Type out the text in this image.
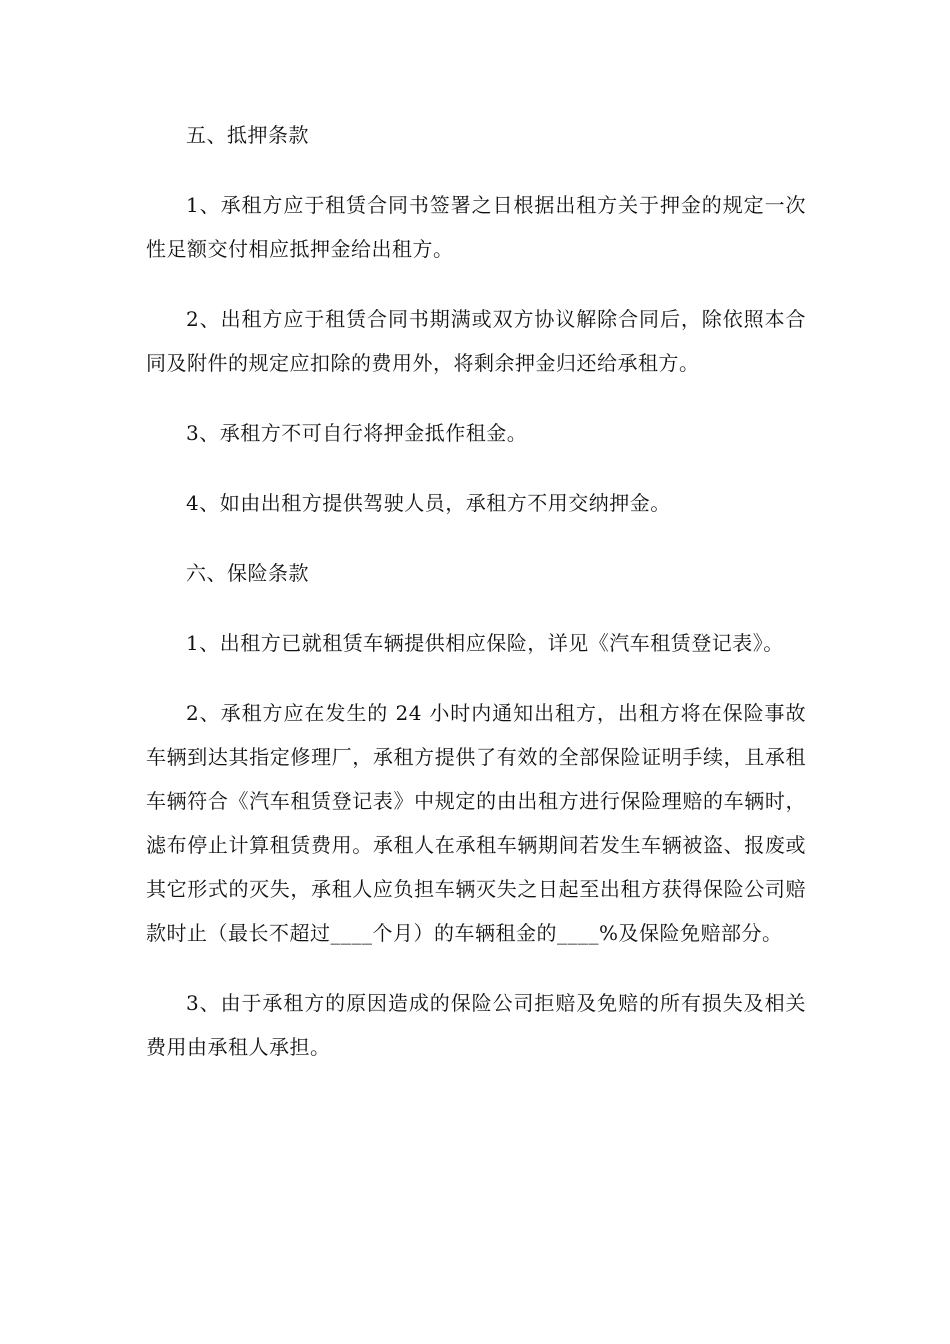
五、抵押条款

1、承租方应于租赁合同书签署之日根据出租方关于押金的规定一次性足额交付相应抵押金给出租方。

2、出租方应于租赁合同书期满或双方协议解除合同后，除依照本合同及附件的规定应扣除的费用外，将剩余押金归还给承租方。

3、承租方不可自行将押金抵作租金。

4、如由出租方提供驾驶人员，承租方不用交纳押金。

六、保险条款

1、出租方已就租赁车辆提供相应保险，详见《汽车租赁登记表》。

2、承租方应在发生的 24 小时内通知出租方，出租方将在保险事故车辆到达其指定修理厂，承租方提供了有效的全部保险证明手续，且承租车辆符合《汽车租赁登记表》中规定的由出租方进行保险理赔的车辆时，滤布停止计算租赁费用。承租人在承租车辆期间若发生车辆被盗、报废或其它形式的灭失，承租人应负担车辆灭失之日起至出租方获得保险公司赔款时止（最长不超过____个月）的车辆租金的____%及保险免赔部分。

3、由于承租方的原因造成的保险公司拒赔及免赔的所有损失及相关费用由承租人承担。
